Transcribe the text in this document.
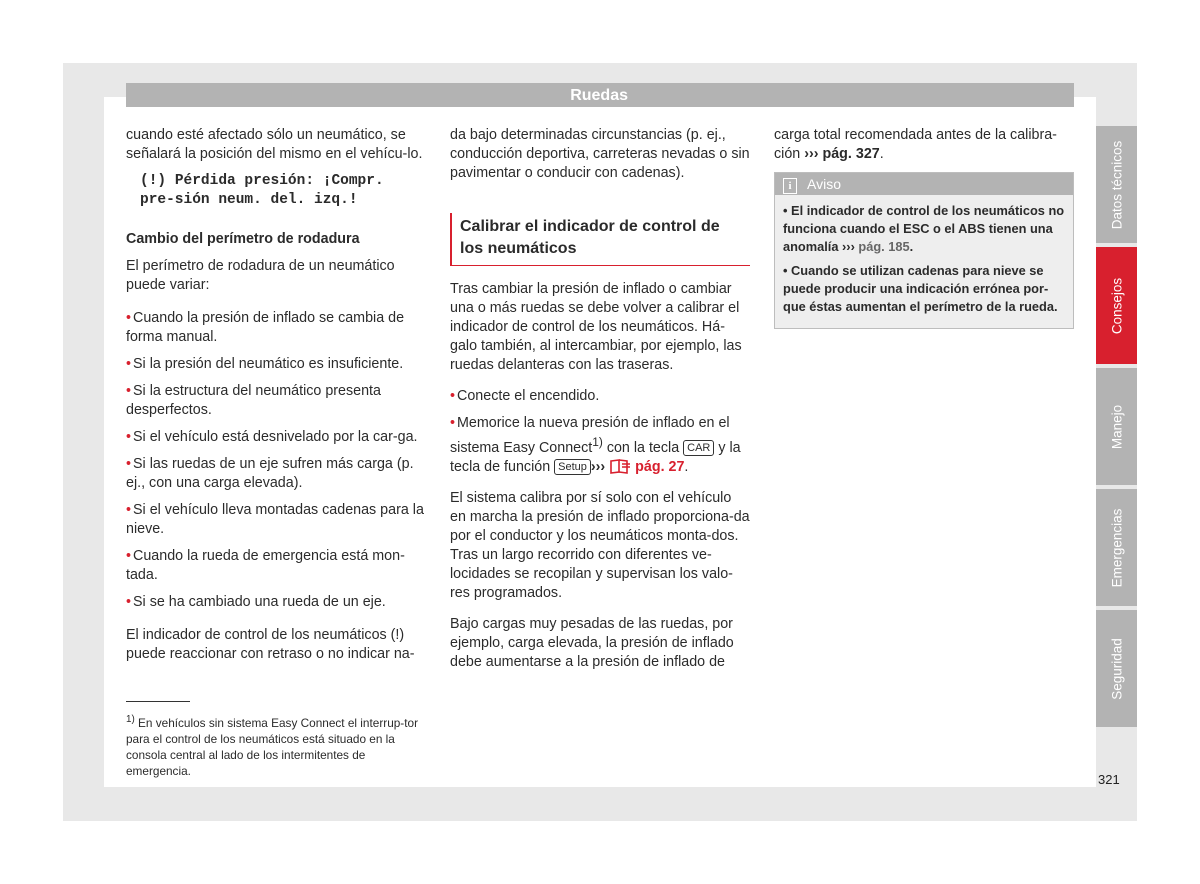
Ruedas

cuando esté afectado sólo un neumático, se señalará la posición del mismo en el vehícu-lo.

(!) Pérdida presión: ¡Compr. pre-sión neum. del. izq.!

Cambio del perímetro de rodadura

El perímetro de rodadura de un neumático puede variar:

• Cuando la presión de inflado se cambia de forma manual.

• Si la presión del neumático es insuficiente.

• Si la estructura del neumático presenta desperfectos.

• Si el vehículo está desnivelado por la car-ga.

• Si las ruedas de un eje sufren más carga (p. ej., con una carga elevada).

• Si el vehículo lleva montadas cadenas para la nieve.

• Cuando la rueda de emergencia está mon-tada.

• Si se ha cambiado una rueda de un eje.

El indicador de control de los neumáticos (!) puede reaccionar con retraso o no indicar na-

$^{1)}$ En vehículos sin sistema Easy Connect el interrup-tor para el control de los neumáticos está situado en la consola central al lado de los intermitentes de emergencia.

da bajo determinadas circunstancias (p. ej., conducción deportiva, carreteras nevadas o sin pavimentar o conducir con cadenas).

Calibrar el indicador de control de los neumáticos

Tras cambiar la presión de inflado o cambiar una o más ruedas se debe volver a calibrar el indicador de control de los neumáticos. Há-galo también, al intercambiar, por ejemplo, las ruedas delanteras con las traseras.

• Conecte el encendido.

• Memorice la nueva presión de inflado en el sistema Easy Connect$^{1)}$ con la tecla CAR y la tecla de función Setup ››› pág. 27.

El sistema calibra por sí solo con el vehículo en marcha la presión de inflado proporciona-da por el conductor y los neumáticos monta-dos. Tras un largo recorrido con diferentes ve-locidades se recopilan y supervisan los valo-res programados.

Bajo cargas muy pesadas de las ruedas, por ejemplo, carga elevada, la presión de inflado debe aumentarse a la presión de inflado de

carga total recomendada antes de la calibra-ción ››› pág. 327.

i Aviso

• El indicador de control de los neumáticos no funciona cuando el ESC o el ABS tienen una anomalía ››› pág. 185.

• Cuando se utilizan cadenas para nieve se puede producir una indicación errónea por-que éstas aumentan el perímetro de la rueda.

Datos técnicos
Consejos
Manejo
Emergencias
Seguridad
321
